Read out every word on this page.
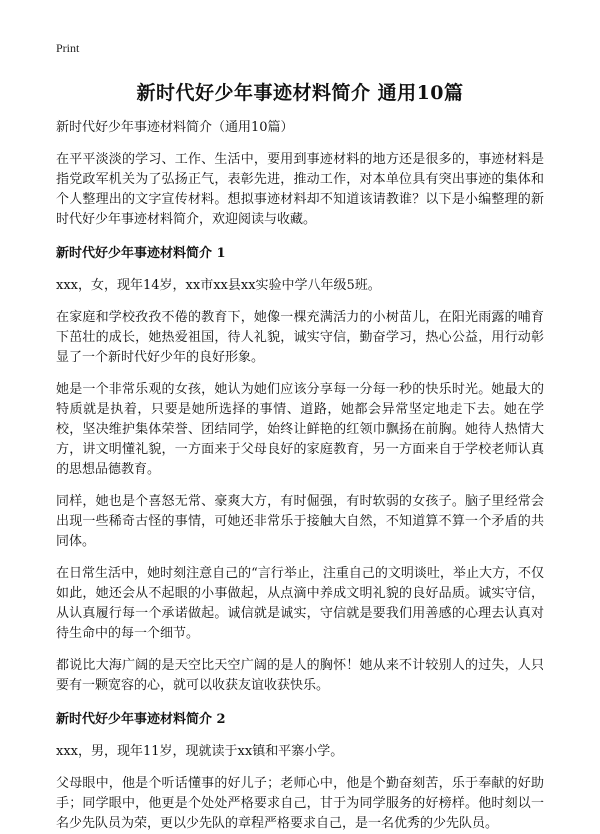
Print
新时代好少年事迹材料简介 通用10篇
新时代好少年事迹材料简介（通用10篇）

在平平淡淡的学习、工作、生活中，要用到事迹材料的地方还是很多的，事迹材料是指党政军机关为了弘扬正气，表彰先进，推动工作，对本单位具有突出事迹的集体和个人整理出的文字宣传材料。想拟事迹材料却不知道该请教谁？以下是小编整理的新时代好少年事迹材料简介，欢迎阅读与收藏。

新时代好少年事迹材料简介 1

xxx，女，现年14岁，xx市xx县xx实验中学八年级5班。

在家庭和学校孜孜不倦的教育下，她像一棵充满活力的小树苗儿，在阳光雨露的哺育下茁壮的成长，她热爱祖国，待人礼貌，诚实守信，勤奋学习，热心公益，用行动彰显了一个新时代好少年的良好形象。

她是一个非常乐观的女孩，她认为她们应该分享每一分每一秒的快乐时光。她最大的特质就是执着，只要是她所选择的事情、道路，她都会异常坚定地走下去。她在学校，坚决维护集体荣誉、团结同学，始终让鲜艳的红领巾飘扬在前胸。她待人热情大方，讲文明懂礼貌，一方面来于父母良好的家庭教育，另一方面来自于学校老师认真的思想品德教育。

同样，她也是个喜怒无常、豪爽大方，有时倔强，有时软弱的女孩子。脑子里经常会出现一些稀奇古怪的事情，可她还非常乐于接触大自然，不知道算不算一个矛盾的共同体。

在日常生活中，她时刻注意自己的“言行举止，注重自己的文明谈吐，举止大方，不仅如此，她还会从不起眼的小事做起，从点滴中养成文明礼貌的良好品质。诚实守信，从认真履行每一个承诺做起。诚信就是诚实，守信就是要我们用善感的心理去认真对待生命中的每一个细节。

都说比大海广阔的是天空比天空广阔的是人的胸怀！她从来不计较别人的过失，人只要有一颗宽容的心，就可以收获友谊收获快乐。

新时代好少年事迹材料简介 2

xxx，男，现年11岁，现就读于xx镇和平寨小学。

父母眼中，他是个听话懂事的好儿子；老师心中，他是个勤奋刻苦，乐于奉献的好助手；同学眼中，他更是个处处严格要求自己，甘于为同学服务的好榜样。他时刻以一名少先队员为荣，更以少先队的章程严格要求自己，是一名优秀的少先队员。
